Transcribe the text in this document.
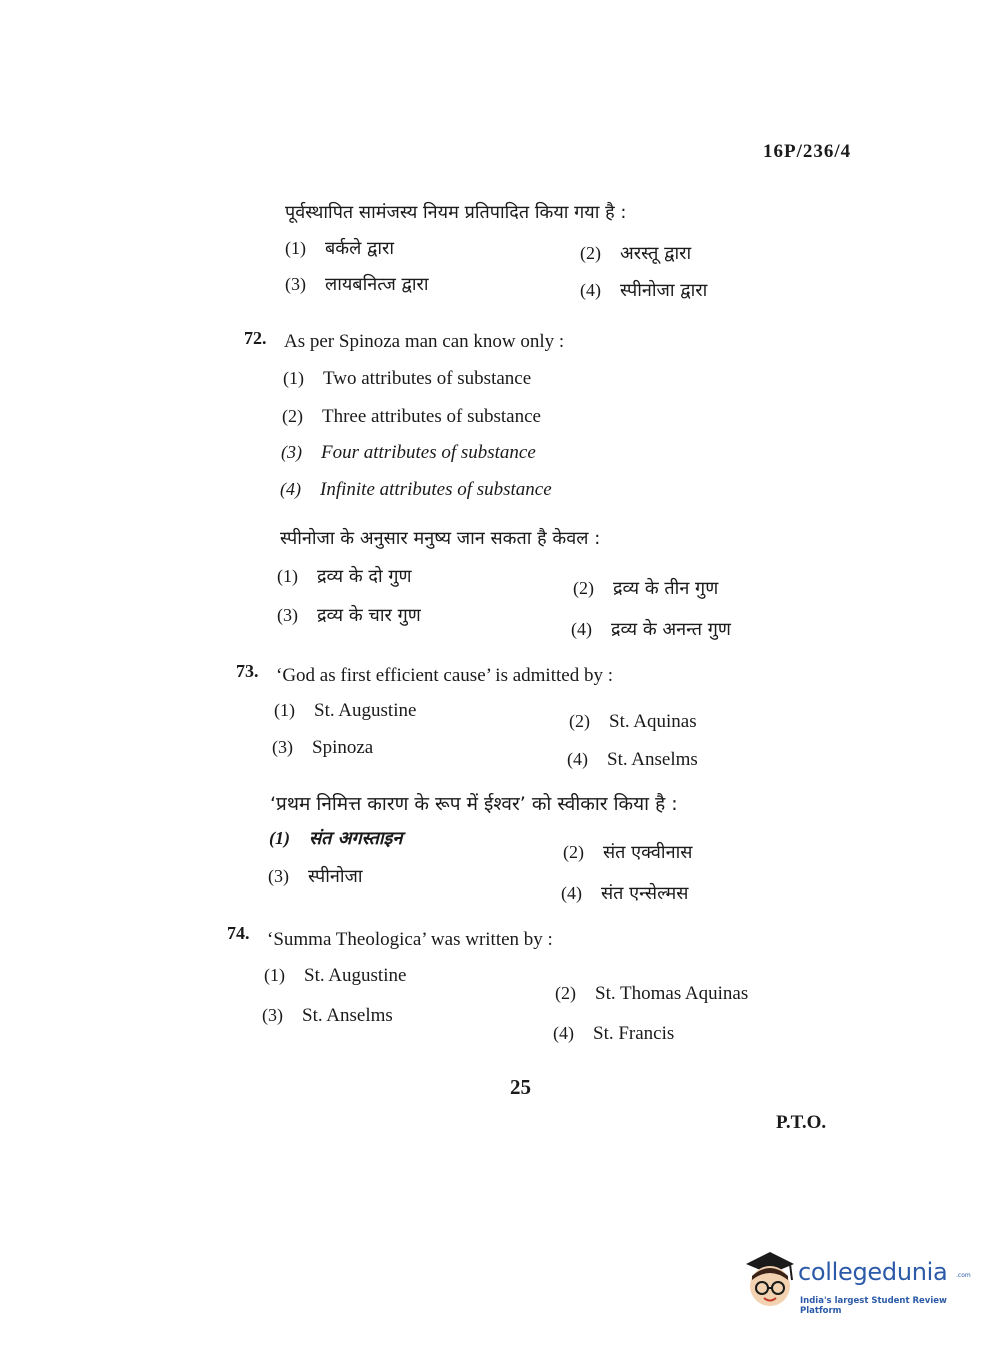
16P/236/4
पूर्वस्थापित सामंजस्य नियम प्रतिपादित किया गया है :
(1) बर्कले द्वारा	(2) अरस्तू द्वारा
(3) लायबनित्ज द्वारा	(4) स्पीनोजा द्वारा
72. As per Spinoza man can know only :
(1) Two attributes of substance
(2) Three attributes of substance
(3) Four attributes of substance
(4) Infinite attributes of substance
स्पीनोजा के अनुसार मनुष्य जान सकता है केवल :
(1) द्रव्य के दो गुण
(2) द्रव्य के तीन गुण
(3) द्रव्य के चार गुण
(4) द्रव्य के अनन्त गुण
73. ‘God as first efficient cause’ is admitted by :
(1) St. Augustine	(2) St. Aquinas
(3) Spinoza
(4) St. Anselms
‘प्रथम निमित्त कारण के रूप में ईश्वर’ को स्वीकार किया है :
(1) संत अगस्ताइन
(2) संत एक्वीनास
(3) स्पीनोजा
(4) संत एन्सेल्मस
74. ‘Summa Theologica’ was written by :
(1) St. Augustine
(2) St. Thomas Aquinas
(3) St. Anselms
(4) St. Francis
25
P.T.O.
collegedunia .com
India's largest Student Review Platform
